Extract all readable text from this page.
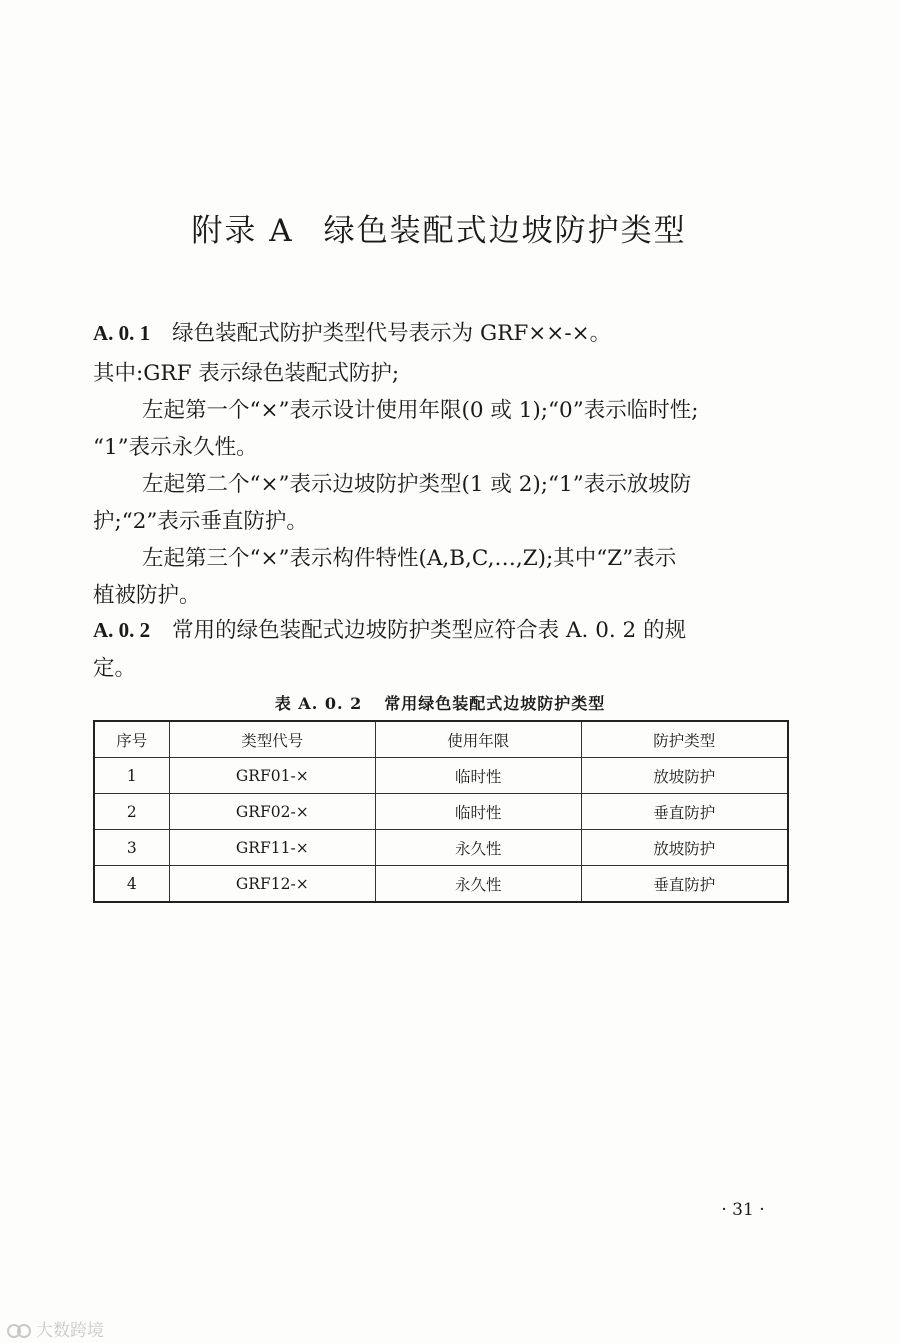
附录 A 绿色装配式边坡防护类型
A. 0. 1 绿色装配式防护类型代号表示为 GRF××-×。
其中:GRF 表示绿色装配式防护;
左起第一个“×”表示设计使用年限(0 或 1);“0”表示临时性;
“1”表示永久性。
左起第二个“×”表示边坡防护类型(1 或 2);“1”表示放坡防
护;“2”表示垂直防护。
左起第三个“×”表示构件特性(A,B,C,…,Z);其中“Z”表示
植被防护。
A. 0. 2 常用的绿色装配式边坡防护类型应符合表 A. 0. 2 的规
定。
表 A. 0. 2 常用绿色装配式边坡防护类型
序号	类型代号	使用年限	防护类型
1	GRF01-×	临时性	放坡防护
2	GRF02-×	临时性	垂直防护
3	GRF11-×	永久性	放坡防护
4	GRF12-×	永久性	垂直防护
· 31 ·
大数跨境
